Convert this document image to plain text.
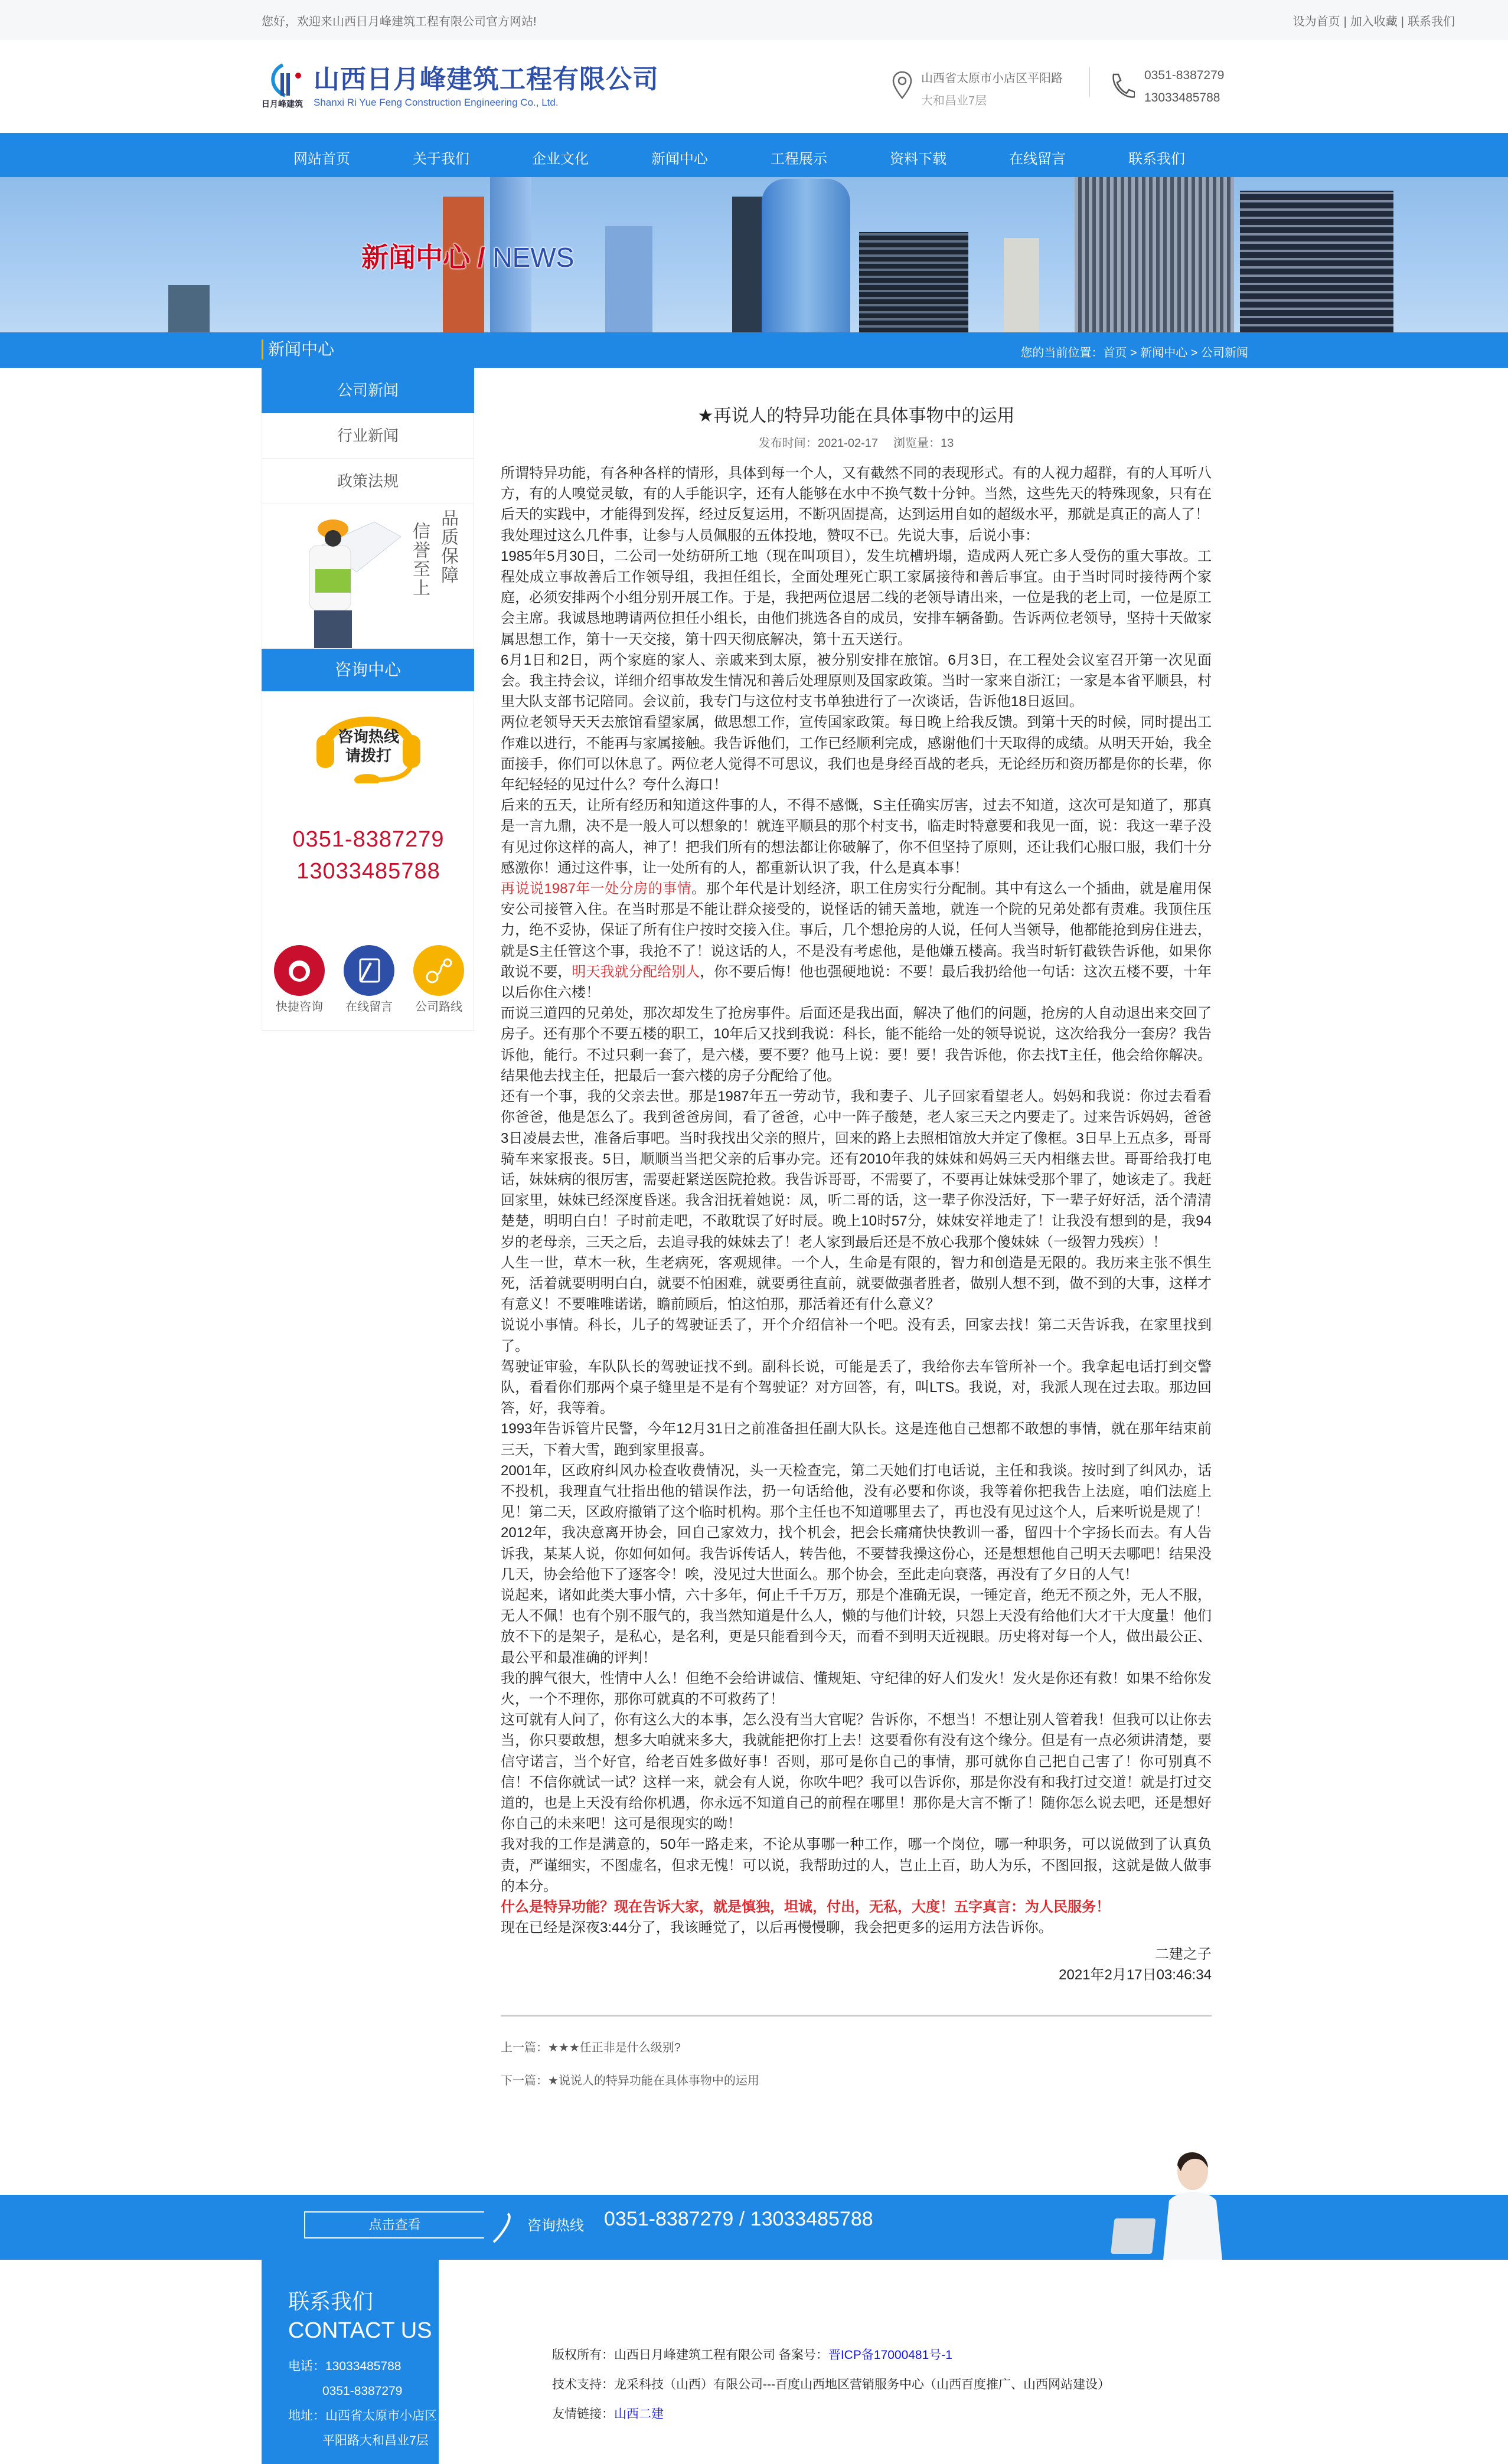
您好，欢迎来山西日月峰建筑工程有限公司官方网站!	设为首页 | 加入收藏 | 联系我们
山西日月峰建筑工程有限公司
Shanxi Ri Yue Feng Construction Engineering Co., Ltd.
日月峰建筑
山西省太原市小店区平阳路
大和昌业7层
0351-8387279
13033485788
网站首页	关于我们	企业文化	新闻中心	工程展示	资料下载	在线留言	联系我们
新闻中心 / NEWS
新闻中心	您的当前位置：首页 > 新闻中心 > 公司新闻
公司新闻
行业新闻
政策法规
品质保障
信誉至上
咨询中心
咨询热线
请拨打
0351-8387279
13033485788
快捷咨询	在线留言	公司路线
★再说人的特异功能在具体事物中的运用
发布时间：2021-02-17 浏览量：13

所谓特异功能，有各种各样的情形，具体到每一个人，又有截然不同的表现形式。有的人视力超群，有的人耳听八方，有的人嗅觉灵敏，有的人手能识字，还有人能够在水中不换气数十分钟。当然，这些先天的特殊现象，只有在后天的实践中，才能得到发挥，经过反复运用，不断巩固提高，达到运用自如的超级水平，那就是真正的高人了！

我处理过这么几件事，让参与人员佩服的五体投地，赞叹不已。先说大事，后说小事：

1985年5月30日，二公司一处纺研所工地（现在叫项目），发生坑槽坍塌，造成两人死亡多人受伤的重大事故。工程处成立事故善后工作领导组，我担任组长，全面处理死亡职工家属接待和善后事宜。由于当时同时接待两个家庭，必须安排两个小组分别开展工作。于是，我把两位退居二线的老领导请出来，一位是我的老上司，一位是原工会主席。我诚恳地聘请两位担任小组长，由他们挑选各自的成员，安排车辆备勤。告诉两位老领导，坚持十天做家属思想工作，第十一天交接，第十四天彻底解决，第十五天送行。

6月1日和2日，两个家庭的家人、亲戚来到太原，被分别安排在旅馆。6月3日，在工程处会议室召开第一次见面会。我主持会议，详细介绍事故发生情况和善后处理原则及国家政策。当时一家来自浙江；一家是本省平顺县，村里大队支部书记陪同。会议前，我专门与这位村支书单独进行了一次谈话，告诉他18日返回。

两位老领导天天去旅馆看望家属，做思想工作，宣传国家政策。每日晚上给我反馈。到第十天的时候，同时提出工作难以进行，不能再与家属接触。我告诉他们，工作已经顺利完成，感谢他们十天取得的成绩。从明天开始，我全面接手，你们可以休息了。两位老人觉得不可思议，我们也是身经百战的老兵，无论经历和资历都是你的长辈，你年纪轻轻的见过什么？夸什么海口！

后来的五天，让所有经历和知道这件事的人，不得不感慨，S主任确实厉害，过去不知道，这次可是知道了，那真是一言九鼎，决不是一般人可以想象的！就连平顺县的那个村支书，临走时特意要和我见一面，说：我这一辈子没有见过你这样的高人，神了！把我们所有的想法都让你破解了，你不但坚持了原则，还让我们心服口服，我们十分感激你！通过这件事，让一处所有的人，都重新认识了我，什么是真本事！

再说说1987年一处分房的事情。那个年代是计划经济，职工住房实行分配制。其中有这么一个插曲，就是雇用保安公司接管入住。在当时那是不能让群众接受的，说怪话的铺天盖地，就连一个院的兄弟处都有责难。我顶住压力，绝不妥协，保证了所有住户按时交接入住。事后，几个想抢房的人说，任何人当领导，他都能抢到房住进去，就是S主任管这个事，我抢不了！说这话的人，不是没有考虑他，是他嫌五楼高。我当时斩钉截铁告诉他，如果你敢说不要，明天我就分配给别人，你不要后悔！他也强硬地说：不要！最后我扔给他一句话：这次五楼不要，十年以后你住六楼！

而说三道四的兄弟处，那次却发生了抢房事件。后面还是我出面，解决了他们的问题，抢房的人自动退出来交回了房子。还有那个不要五楼的职工，10年后又找到我说：科长，能不能给一处的领导说说，这次给我分一套房？我告诉他，能行。不过只剩一套了，是六楼，要不要？他马上说：要！要！我告诉他，你去找T主任，他会给你解决。结果他去找主任，把最后一套六楼的房子分配给了他。

还有一个事，我的父亲去世。那是1987年五一劳动节，我和妻子、儿子回家看望老人。妈妈和我说：你过去看看你爸爸，他是怎么了。我到爸爸房间，看了爸爸，心中一阵子酸楚，老人家三天之内要走了。过来告诉妈妈，爸爸3日凌晨去世，准备后事吧。当时我找出父亲的照片，回来的路上去照相馆放大并定了像框。3日早上五点多，哥哥骑车来家报丧。5日，顺顺当当把父亲的后事办完。还有2010年我的妹妹和妈妈三天内相继去世。哥哥给我打电话，妹妹病的很厉害，需要赶紧送医院抢救。我告诉哥哥，不需要了，不要再让妹妹受那个罪了，她该走了。我赶回家里，妹妹已经深度昏迷。我含泪抚着她说：凤，听二哥的话，这一辈子你没活好，下一辈子好好活，活个清清楚楚，明明白白！子时前走吧，不敢耽误了好时辰。晚上10时57分，妹妹安祥地走了！让我没有想到的是，我94岁的老母亲，三天之后，去追寻我的妹妹去了！老人家到最后还是不放心我那个傻妹妹（一级智力残疾）！

人生一世，草木一秋，生老病死，客观规律。一个人，生命是有限的，智力和创造是无限的。我历来主张不惧生死，活着就要明明白白，就要不怕困难，就要勇往直前，就要做强者胜者，做别人想不到，做不到的大事，这样才有意义！不要唯唯诺诺，瞻前顾后，怕这怕那，那活着还有什么意义？

说说小事情。科长，儿子的驾驶证丢了，开个介绍信补一个吧。没有丢，回家去找！第二天告诉我，在家里找到了。

驾驶证审验，车队队长的驾驶证找不到。副科长说，可能是丢了，我给你去车管所补一个。我拿起电话打到交警队，看看你们那两个桌子缝里是不是有个驾驶证？对方回答，有，叫LTS。我说，对，我派人现在过去取。那边回答，好，我等着。

1993年告诉管片民警，今年12月31日之前准备担任副大队长。这是连他自己想都不敢想的事情，就在那年结束前三天，下着大雪，跑到家里报喜。

2001年，区政府纠风办检查收费情况，头一天检查完，第二天她们打电话说，主任和我谈。按时到了纠风办，话不投机，我理直气壮指出他的错误作法，扔一句话给他，没有必要和你谈，我等着你把我告上法庭，咱们法庭上见！第二天，区政府撤销了这个临时机构。那个主任也不知道哪里去了，再也没有见过这个人，后来听说是规了！

2012年，我决意离开协会，回自己家效力，找个机会，把会长痛痛快快教训一番，留四十个字扬长而去。有人告诉我，某某人说，你如何如何。我告诉传话人，转告他，不要替我操这份心，还是想想他自己明天去哪吧！结果没几天，协会给他下了逐客令！唉，没见过大世面么。那个协会，至此走向衰落，再没有了夕日的人气！

说起来，诸如此类大事小情，六十多年，何止千千万万，那是个准确无误，一锤定音，绝无不预之外，无人不服，无人不佩！也有个别不服气的，我当然知道是什么人，懒的与他们计较，只怨上天没有给他们大才干大度量！他们放不下的是架子，是私心，是名利，更是只能看到今天，而看不到明天近视眼。历史将对每一个人，做出最公正、最公平和最准确的评判！

我的脾气很大，性情中人么！但绝不会给讲诚信、懂规矩、守纪律的好人们发火！发火是你还有救！如果不给你发火，一个不理你，那你可就真的不可救药了！

这可就有人问了，你有这么大的本事，怎么没有当大官呢？告诉你，不想当！不想让别人管着我！但我可以让你去当，你只要敢想，想多大咱就来多大，我就能把你打上去！这要看你有没有这个缘分。但是有一点必须讲清楚，要信守诺言，当个好官，给老百姓多做好事！否则，那可是你自己的事情，那可就你自己把自己害了！你可别真不信！不信你就试一试？这样一来，就会有人说，你吹牛吧？我可以告诉你，那是你没有和我打过交道！就是打过交道的，也是上天没有给你机遇，你永远不知道自己的前程在哪里！那你是大言不惭了！随你怎么说去吧，还是想好你自己的未来吧！这可是很现实的呦！

我对我的工作是满意的，50年一路走来，不论从事哪一种工作，哪一个岗位，哪一种职务，可以说做到了认真负责，严谨细实，不图虚名，但求无愧！可以说，我帮助过的人，岂止上百，助人为乐，不图回报，这就是做人做事的本分。

什么是特异功能？现在告诉大家，就是慎独，坦诚，付出，无私，大度！五字真言：为人民服务！

现在已经是深夜3:44分了，我该睡觉了，以后再慢慢聊，我会把更多的运用方法告诉你。

二建之子
2021年2月17日03:46:34
上一篇：★★★任正非是什么级别?
下一篇：★说说人的特异功能在具体事物中的运用
点击查看	咨询热线 0351-8387279 / 13033485788
联系我们
CONTACT US
电话：13033485788
0351-8387279
地址：山西省太原市小店区
平阳路大和昌业7层
版权所有：山西日月峰建筑工程有限公司 备案号：晋ICP备17000481号-1
技术支持：龙采科技（山西）有限公司---百度山西地区营销服务中心（山西百度推广、山西网站建设）
友情链接：山西二建
